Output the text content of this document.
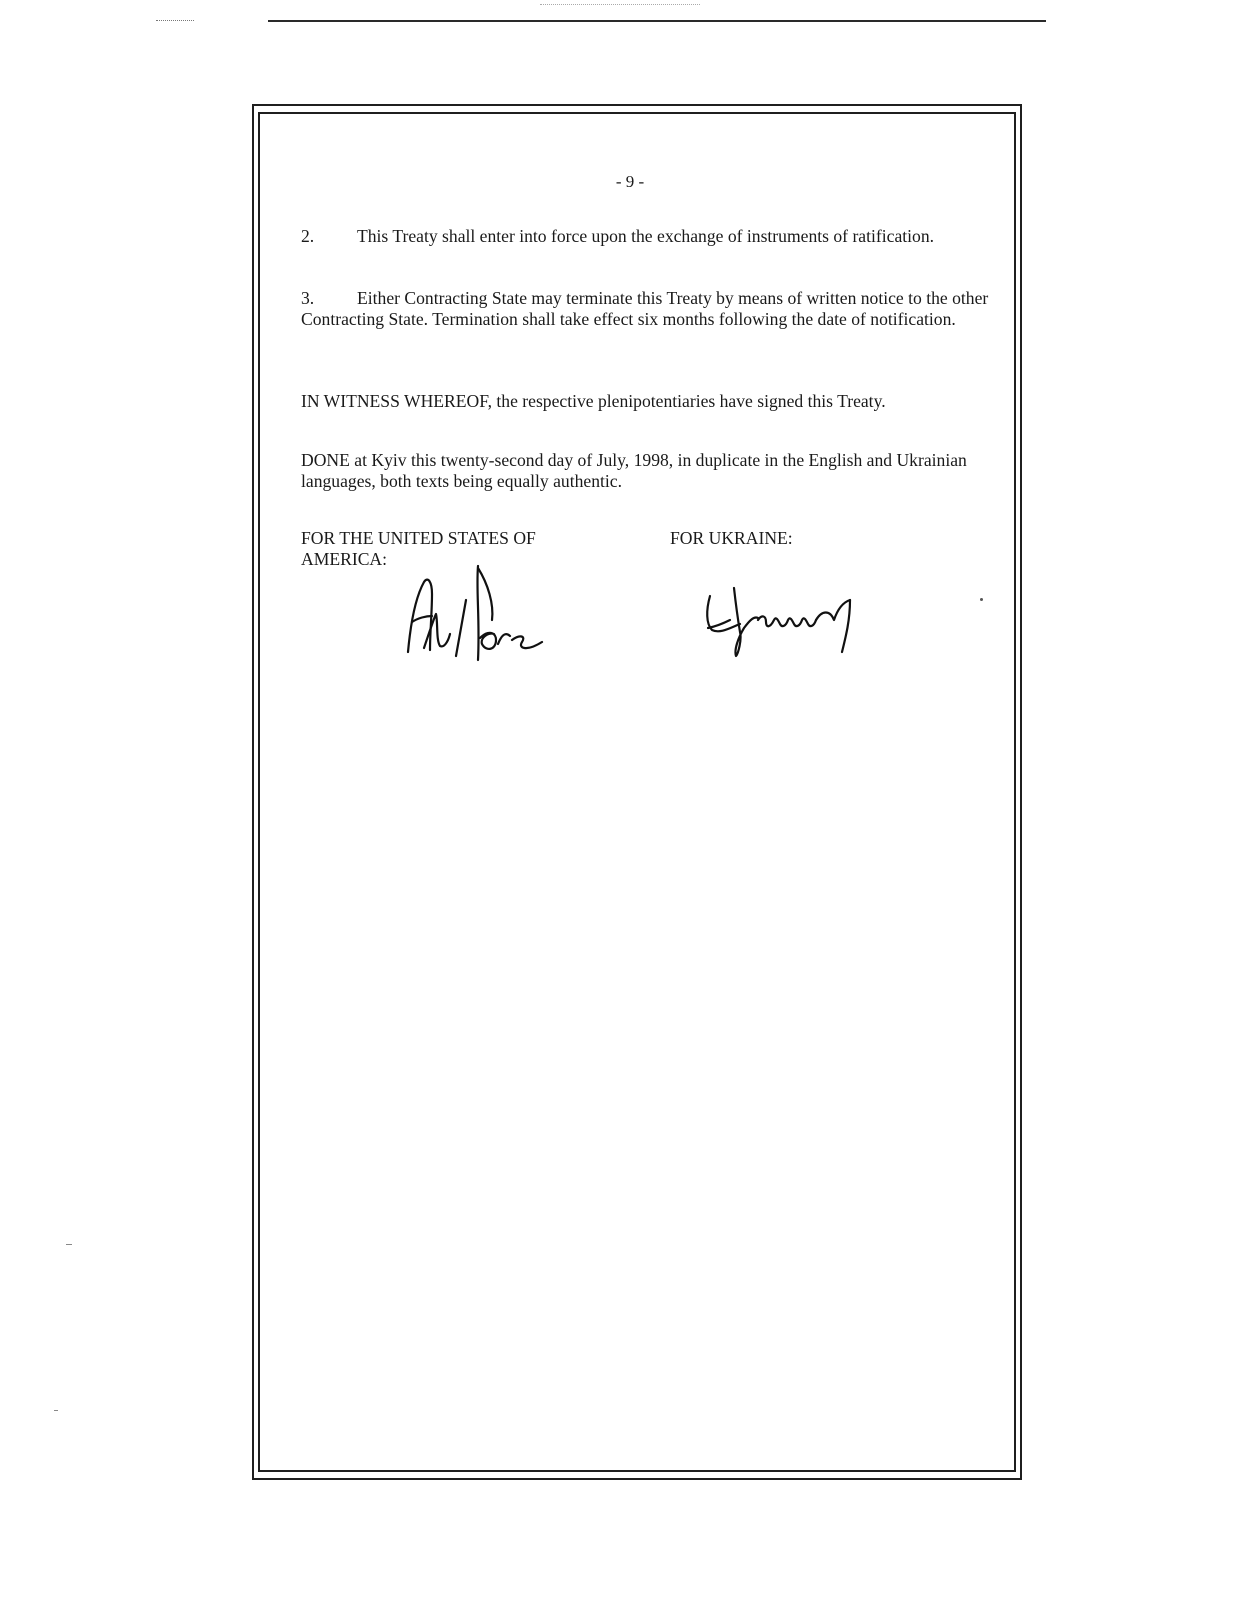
- 9 -

2. This Treaty shall enter into force upon the exchange of instruments of ratification.

3. Either Contracting State may terminate this Treaty by means of written notice to the other Contracting State. Termination shall take effect six months following the date of notification.

IN WITNESS WHEREOF, the respective plenipotentiaries have signed this Treaty.

DONE at Kyiv this twenty-second day of July, 1998, in duplicate in the English and Ukrainian languages, both texts being equally authentic.

FOR THE UNITED STATES OF AMERICA:
FOR UKRAINE:
